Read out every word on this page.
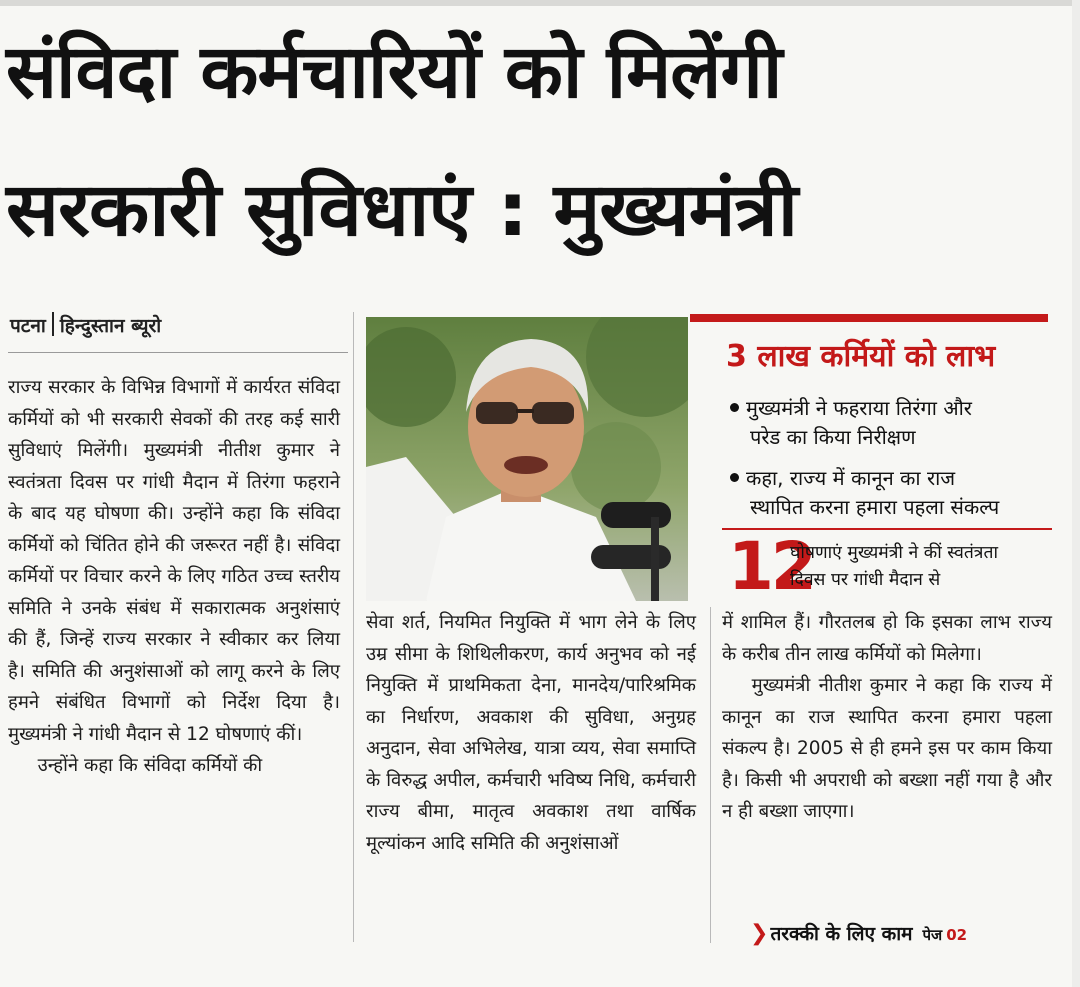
संविदा कर्मचारियों को मिलेंगी
सरकारी सुविधाएं : मुख्यमंत्री
पटना हिन्दुस्तान ब्यूरो

राज्य सरकार के विभिन्न विभागों में कार्यरत संविदा कर्मियों को भी सरकारी सेवकों की तरह कई सारी सुविधाएं मिलेंगी। मुख्यमंत्री नीतीश कुमार ने स्वतंत्रता दिवस पर गांधी मैदान में तिरंगा फहराने के बाद यह घोषणा की। उन्होंने कहा कि संविदा कर्मियों को चिंतित होने की जरूरत नहीं है। संविदा कर्मियों पर विचार करने के लिए गठित उच्च स्तरीय समिति ने उनके संबंध में सकारात्मक अनुशंसाएं की हैं, जिन्हें राज्य सरकार ने स्वीकार कर लिया है। समिति की अनुशंसाओं को लागू करने के लिए हमने संबंधित विभागों को निर्देश दिया है। मुख्यमंत्री ने गांधी मैदान से 12 घोषणाएं कीं।

उन्होंने कहा कि संविदा कर्मियों की

3 लाख कर्मियों को लाभ
मुख्यमंत्री ने फहराया तिरंगा और
परेड का किया निरीक्षण
कहा, राज्य में कानून का राज
स्थापित करना हमारा पहला संकल्प
12
घोषणाएं मुख्यमंत्री ने कीं स्वतंत्रता
दिवस पर गांधी मैदान से

सेवा शर्त, नियमित नियुक्ति में भाग लेने के लिए उम्र सीमा के शिथिलीकरण, कार्य अनुभव को नई नियुक्ति में प्राथमिकता देना, मानदेय/पारिश्रमिक का निर्धारण, अवकाश की सुविधा, अनुग्रह अनुदान, सेवा अभिलेख, यात्रा व्यय, सेवा समाप्ति के विरुद्ध अपील, कर्मचारी भविष्य निधि, कर्मचारी राज्य बीमा, मातृत्व अवकाश तथा वार्षिक मूल्यांकन आदि समिति की अनुशंसाओं

में शामिल हैं। गौरतलब हो कि इसका लाभ राज्य के करीब तीन लाख कर्मियों को मिलेगा।

मुख्यमंत्री नीतीश कुमार ने कहा कि राज्य में कानून का राज स्थापित करना हमारा पहला संकल्प है। 2005 से ही हमने इस पर काम किया है। किसी भी अपराधी को बख्शा नहीं गया है और न ही बख्शा जाएगा।

❯ तरक्की के लिए काम पेज 02
